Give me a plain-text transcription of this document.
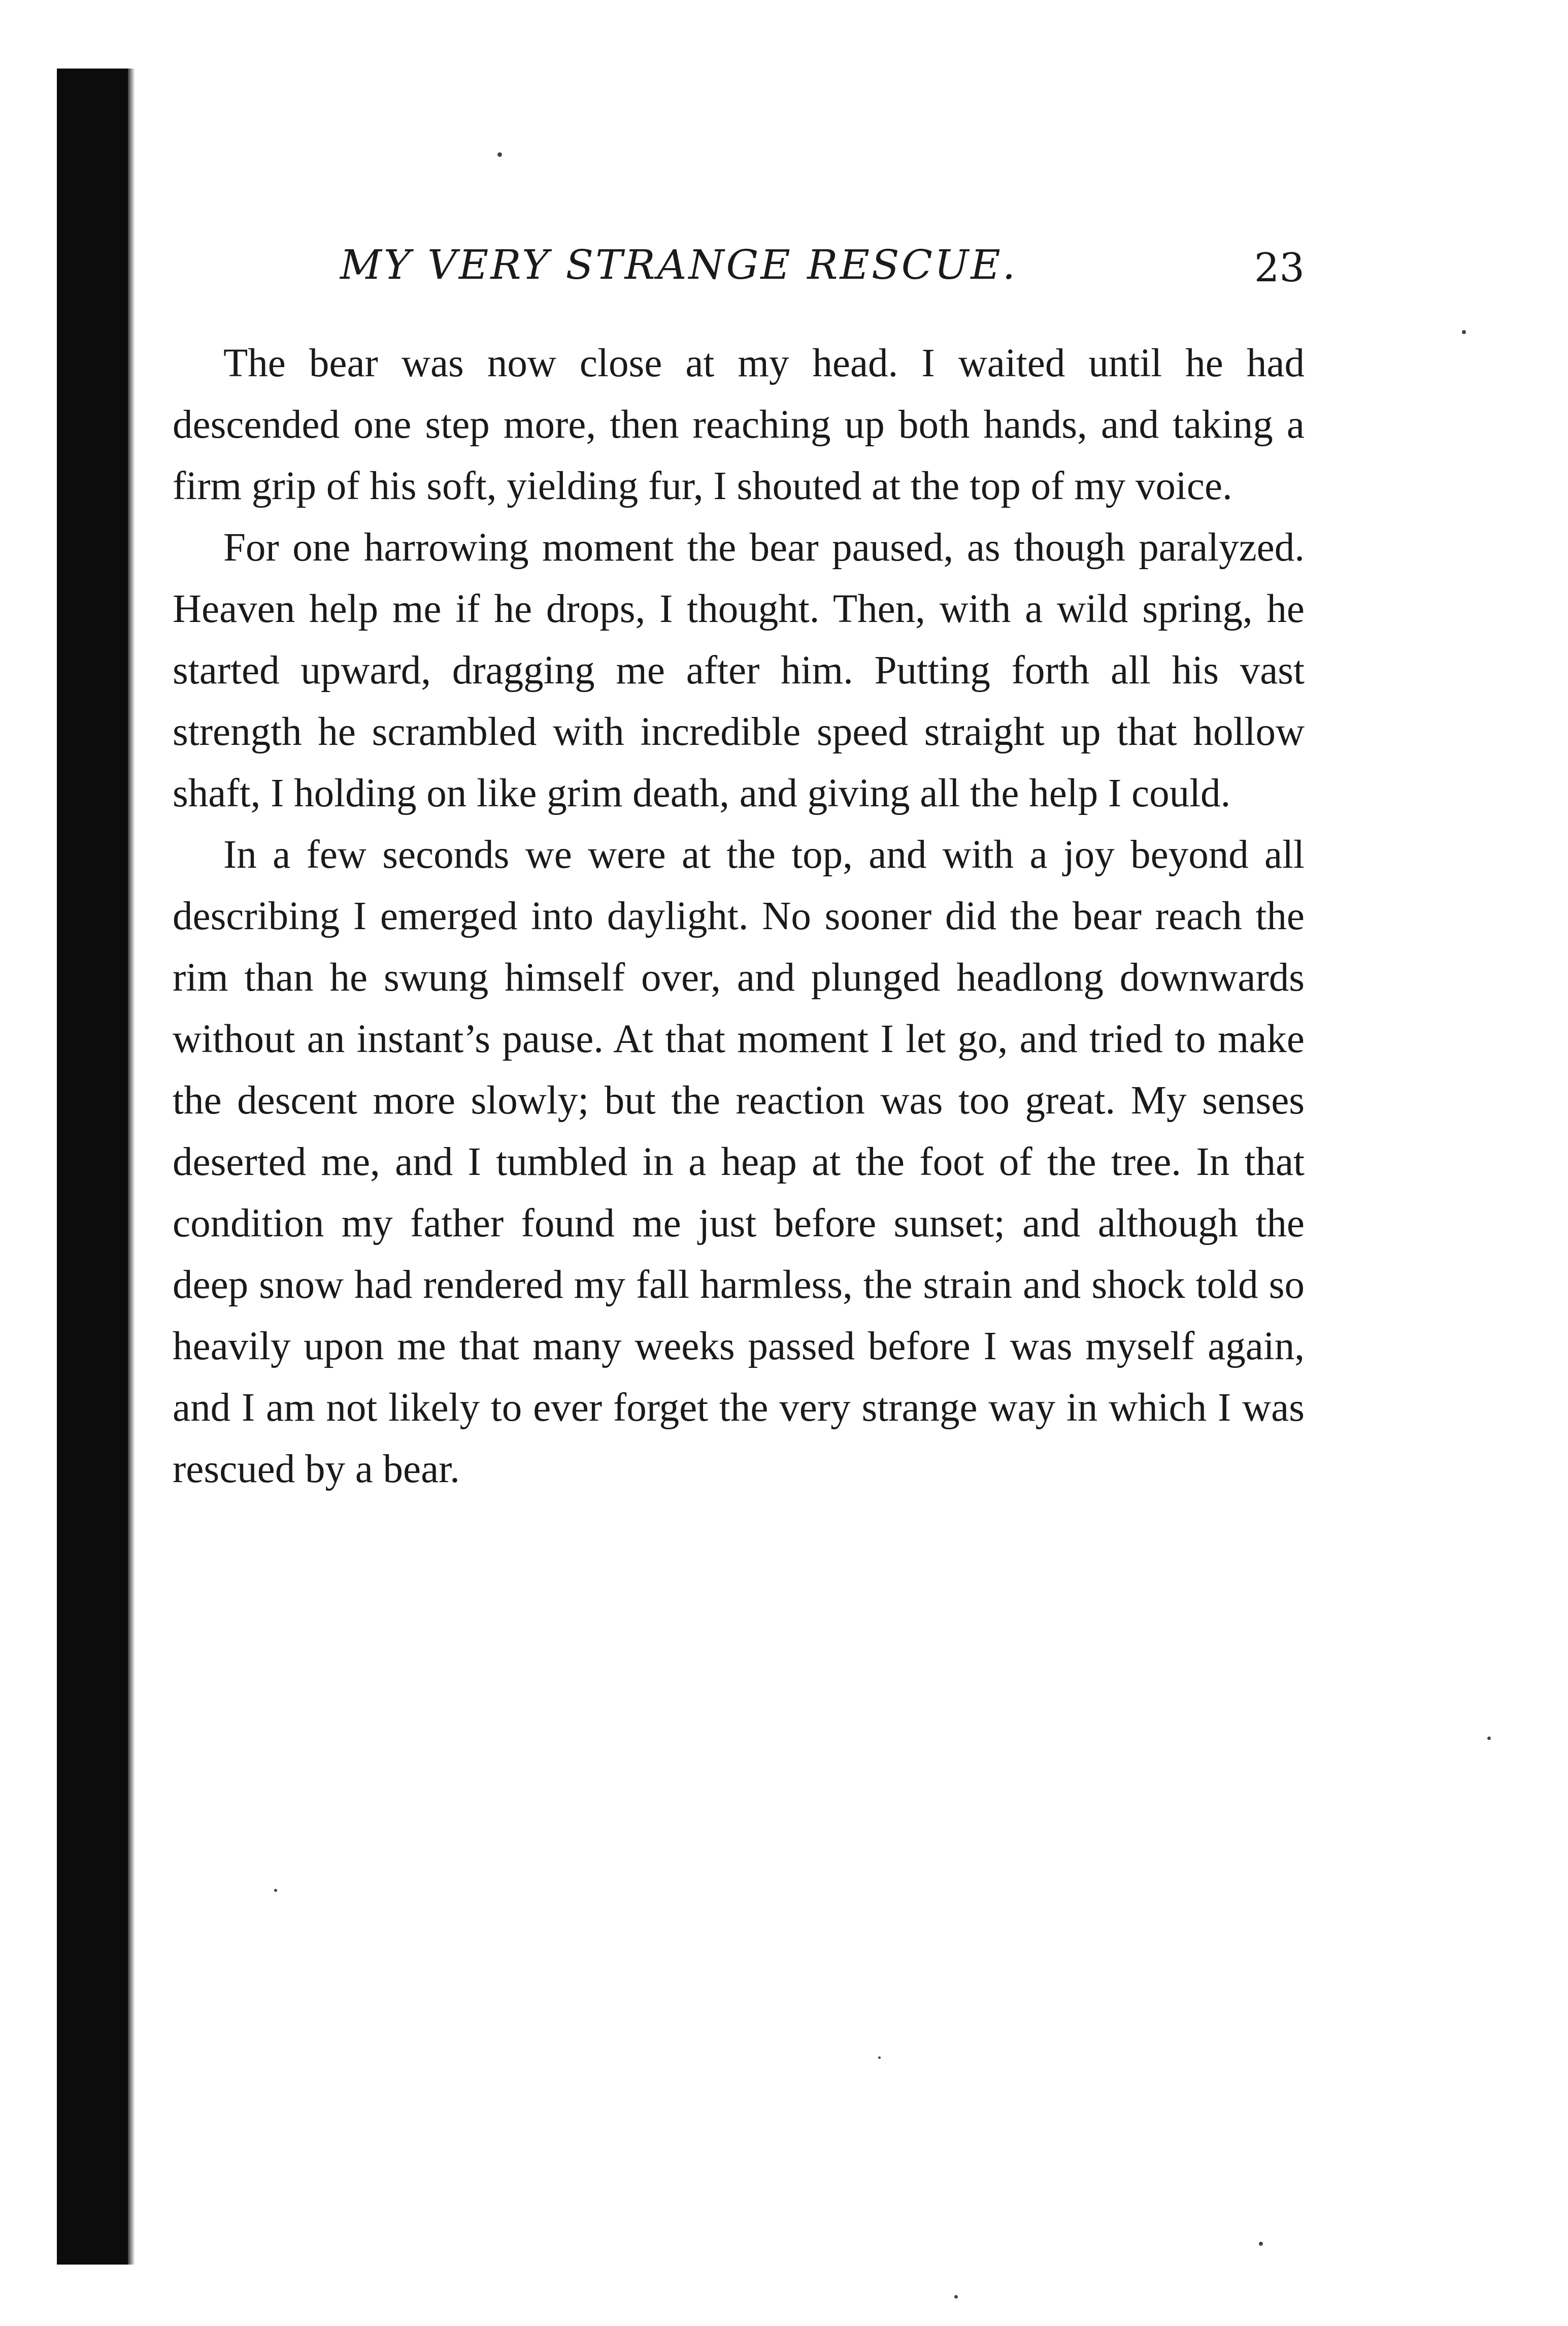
MY VERY STRANGE RESCUE.	23

The bear was now close at my head. I waited until he had descended one step more, then reaching up both hands, and taking a firm grip of his soft, yielding fur, I shouted at the top of my voice.

For one harrowing moment the bear paused, as though paralyzed. Heaven help me if he drops, I thought. Then, with a wild spring, he started upward, dragging me after him. Putting forth all his vast strength he scrambled with incredible speed straight up that hollow shaft, I holding on like grim death, and giving all the help I could.

In a few seconds we were at the top, and with a joy beyond all describing I emerged into daylight. No sooner did the bear reach the rim than he swung himself over, and plunged headlong downwards without an instant’s pause. At that moment I let go, and tried to make the descent more slowly; but the reaction was too great. My senses deserted me, and I tumbled in a heap at the foot of the tree. In that condition my father found me just before sunset; and although the deep snow had rendered my fall harmless, the strain and shock told so heavily upon me that many weeks passed before I was myself again, and I am not likely to ever forget the very strange way in which I was rescued by a bear.
